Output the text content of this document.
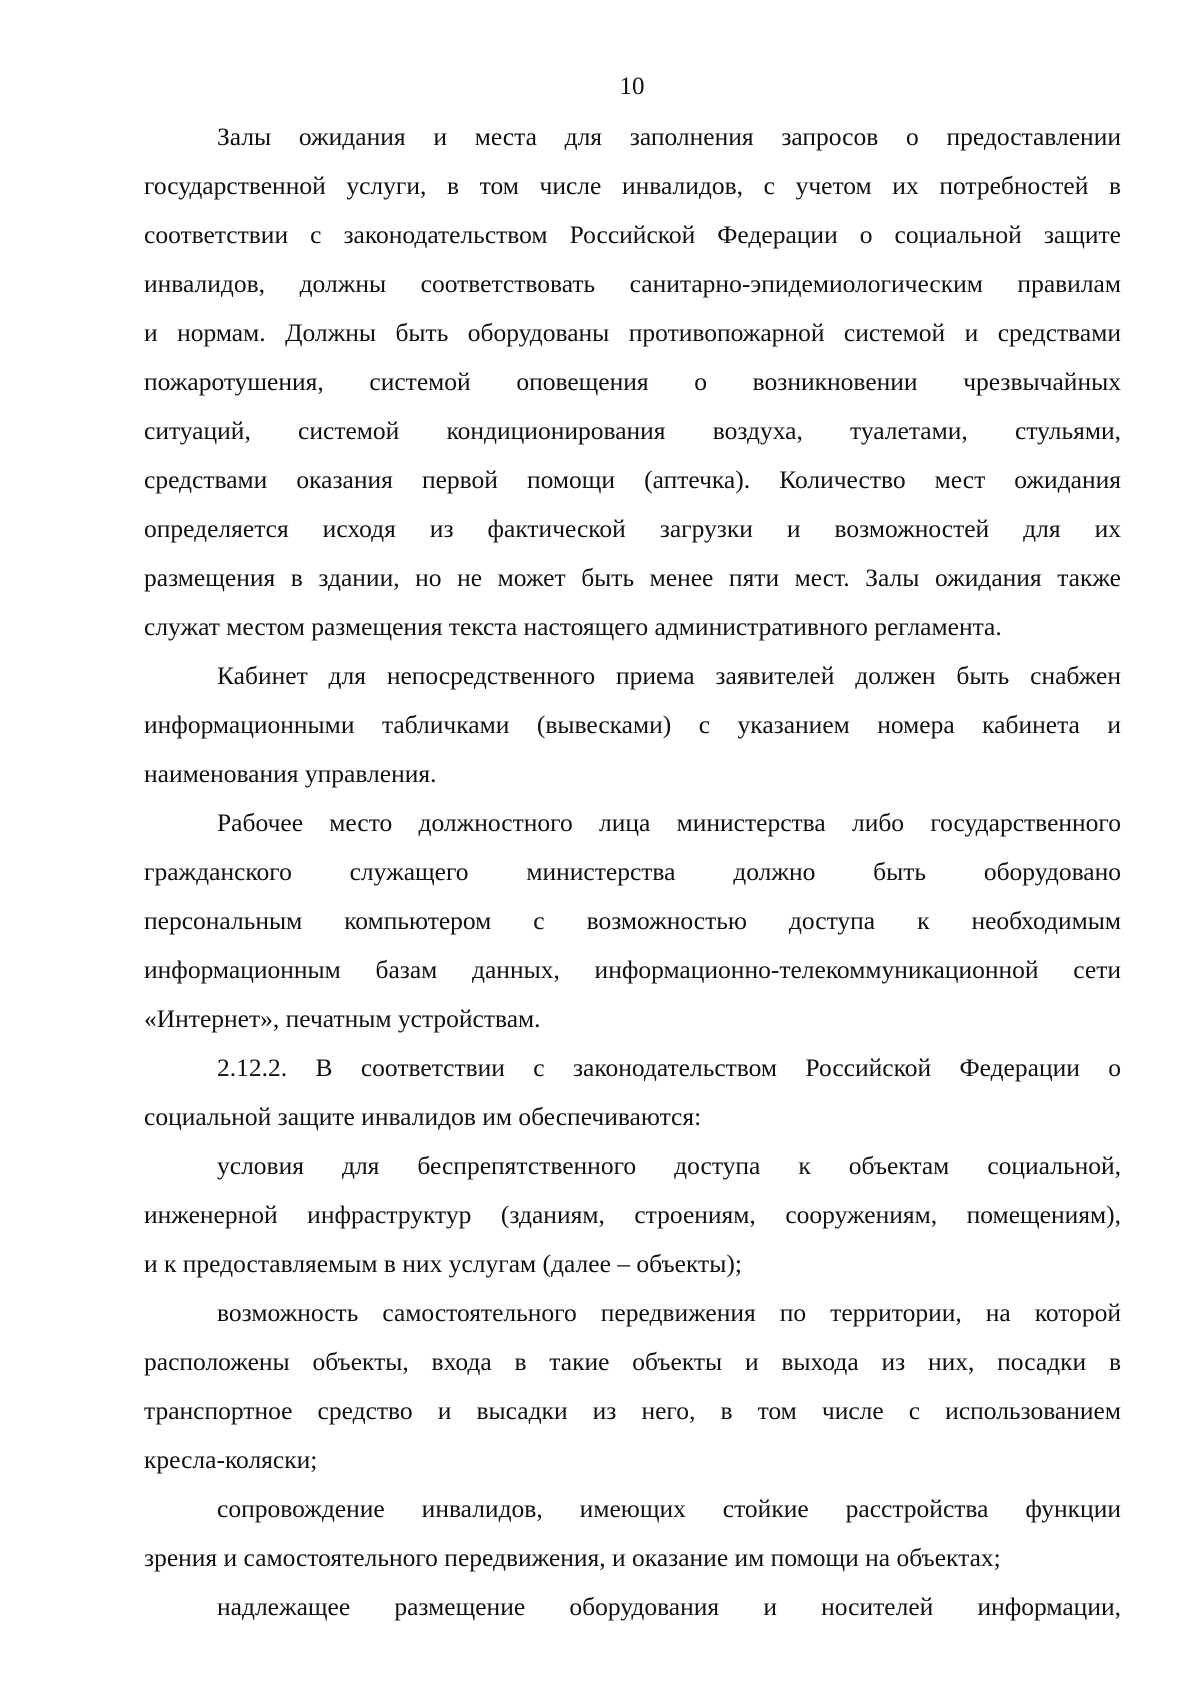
10
Залы ожидания и места для заполнения запросов о предоставлении
государственной услуги, в том числе инвалидов, с учетом их потребностей в
соответствии с законодательством Российской Федерации о социальной защите
инвалидов, должны соответствовать санитарно-эпидемиологическим правилам
и нормам. Должны быть оборудованы противопожарной системой и средствами
пожаротушения, системой оповещения о возникновении чрезвычайных
ситуаций, системой кондиционирования воздуха, туалетами, стульями,
средствами оказания первой помощи (аптечка). Количество мест ожидания
определяется исходя из фактической загрузки и возможностей для их
размещения в здании, но не может быть менее пяти мест. Залы ожидания также
служат местом размещения текста настоящего административного регламента.
Кабинет для непосредственного приема заявителей должен быть снабжен
информационными табличками (вывесками) с указанием номера кабинета и
наименования управления.
Рабочее место должностного лица министерства либо государственного
гражданского служащего министерства должно быть оборудовано
персональным компьютером с возможностью доступа к необходимым
информационным базам данных, информационно-телекоммуникационной сети
«Интернет», печатным устройствам.
2.12.2. В соответствии с законодательством Российской Федерации о
социальной защите инвалидов им обеспечиваются:
условия для беспрепятственного доступа к объектам социальной,
инженерной инфраструктур (зданиям, строениям, сооружениям, помещениям),
и к предоставляемым в них услугам (далее – объекты);
возможность самостоятельного передвижения по территории, на которой
расположены объекты, входа в такие объекты и выхода из них, посадки в
транспортное средство и высадки из него, в том числе с использованием
кресла-коляски;
сопровождение инвалидов, имеющих стойкие расстройства функции
зрения и самостоятельного передвижения, и оказание им помощи на объектах;
надлежащее размещение оборудования и носителей информации,
